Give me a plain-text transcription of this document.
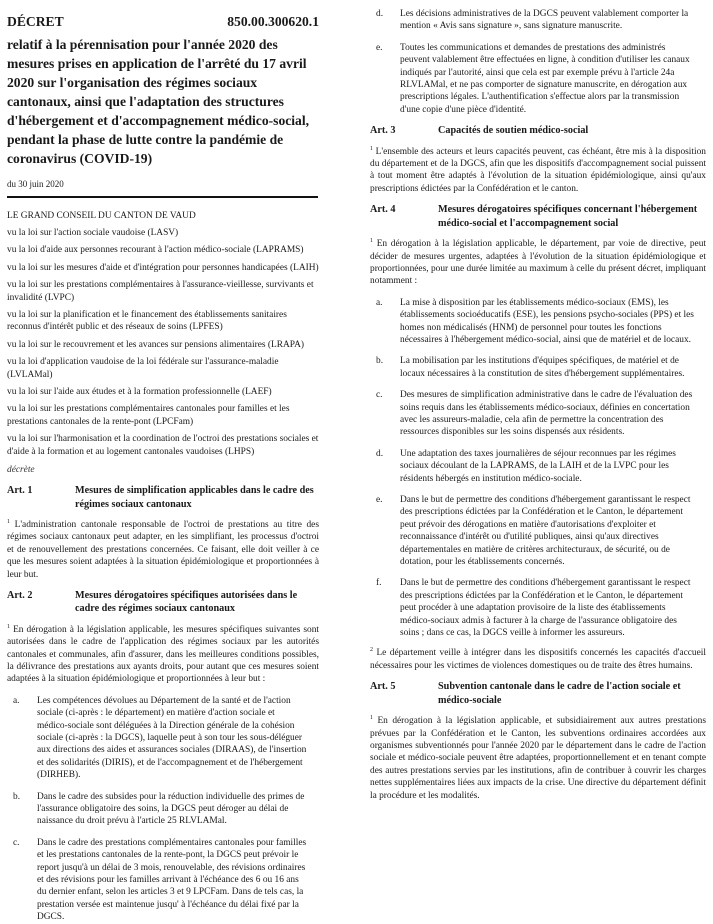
DÉCRET	850.00.300620.1
relatif à la pérennisation pour l'année 2020 des mesures prises en application de l'arrêté du 17 avril 2020 sur l'organisation des régimes sociaux cantonaux, ainsi que l'adaptation des structures d'hébergement et d'accompagnement médico-social, pendant la phase de lutte contre la pandémie de coronavirus (COVID-19)
du 30 juin 2020
LE GRAND CONSEIL DU CANTON DE VAUD
vu la loi sur l'action sociale vaudoise (LASV)
vu la loi d'aide aux personnes recourant à l'action médico-sociale (LAPRAMS)
vu la loi sur les mesures d'aide et d'intégration pour personnes handicapées (LAIH)
vu la loi sur les prestations complémentaires à l'assurance-vieillesse, survivants et invalidité (LVPC)
vu la loi sur la planification et le financement des établissements sanitaires reconnus d'intérêt public et des réseaux de soins (LPFES)
vu la loi sur le recouvrement et les avances sur pensions alimentaires (LRAPA)
vu la loi d'application vaudoise de la loi fédérale sur l'assurance-maladie (LVLAMal)
vu la loi sur l'aide aux études et à la formation professionnelle (LAEF)
vu la loi sur les prestations complémentaires cantonales pour familles et les prestations cantonales de la rente-pont (LPCFam)
vu la loi sur l'harmonisation et la coordination de l'octroi des prestations sociales et d'aide à la formation et au logement cantonales vaudoises (LHPS)
décrète
Art. 1	Mesures de simplification applicables dans le cadre des régimes sociaux cantonaux
$^1$ L'administration cantonale responsable de l'octroi de prestations au titre des régimes sociaux cantonaux peut adapter, en les simplifiant, les processus d'octroi et de renouvellement des prestations concernées. Ce faisant, elle doit veiller à ce que les mesures soient adaptées à la situation épidémiologique et proportionnées à leur but.
Art. 2	Mesures dérogatoires spécifiques autorisées dans le cadre des régimes sociaux cantonaux
$^1$ En dérogation à la législation applicable, les mesures spécifiques suivantes sont autorisées dans le cadre de l'application des régimes sociaux par les autorités cantonales et communales, afin d'assurer, dans les meilleures conditions possibles, la délivrance des prestations aux ayants droits, pour autant que ces mesures soient adaptées à la situation épidémiologique et proportionnées à leur but :
a.	Les compétences dévolues au Département de la santé et de l'action sociale (ci-après : le département) en matière d'action sociale et médico-sociale sont déléguées à la Direction générale de la cohésion sociale (ci-après : la DGCS), laquelle peut à son tour les sous-déléguer aux directions des aides et assurances sociales (DIRAAS), de l'insertion et des solidarités (DIRIS), et de l'accompagnement et de l'hébergement (DIRHEB).
b.	Dans le cadre des subsides pour la réduction individuelle des primes de l'assurance obligatoire des soins, la DGCS peut déroger au délai de naissance du droit prévu à l'article 25 RLVLAMal.
c.	Dans le cadre des prestations complémentaires cantonales pour familles et les prestations cantonales de la rente-pont, la DGCS peut prévoir le report jusqu'à un délai de 3 mois, renouvelable, des révisions ordinaires et des révisions pour les familles arrivant à l'échéance des 6 ou 16 ans du dernier enfant, selon les articles 3 et 9 LPCFam. Dans de tels cas, la prestation versée est maintenue jusqu' à l'échéance du délai fixé par la DGCS.
d.	Les décisions administratives de la DGCS peuvent valablement comporter la mention « Avis sans signature », sans signature manuscrite.
e.	Toutes les communications et demandes de prestations des administrés peuvent valablement être effectuées en ligne, à condition d'utiliser les canaux indiqués par l'autorité, ainsi que cela est par exemple prévu à l'article 24a RLVLAMal, et ne pas comporter de signature manuscrite, en dérogation aux prescriptions légales. L'authentification s'effectue alors par la transmission d'une copie d'une pièce d'identité.
Art. 3	Capacités de soutien médico-social
$^1$ L'ensemble des acteurs et leurs capacités peuvent, cas échéant, être mis à la disposition du département et de la DGCS, afin que les dispositifs d'accompagnement social puissent à tout moment être adaptés à l'évolution de la situation épidémiologique, ainsi qu'aux prescriptions édictées par la Confédération et le canton.
Art. 4	Mesures dérogatoires spécifiques concernant l'hébergement médico-social et l'accompagnement social
$^1$ En dérogation à la législation applicable, le département, par voie de directive, peut décider de mesures urgentes, adaptées à l'évolution de la situation épidémiologique et proportionnées, pour une durée limitée au maximum à celle du présent décret, impliquant notamment :
a.	La mise à disposition par les établissements médico-sociaux (EMS), les établissements socioéducatifs (ESE), les pensions psycho-sociales (PPS) et les homes non médicalisés (HNM) de personnel pour toutes les fonctions nécessaires à l'hébergement médico-social, ainsi que de matériel et de locaux.
b.	La mobilisation par les institutions d'équipes spécifiques, de matériel et de locaux nécessaires à la constitution de sites d'hébergement supplémentaires.
c.	Des mesures de simplification administrative dans le cadre de l'évaluation des soins requis dans les établissements médico-sociaux, définies en concertation avec les assureurs-maladie, cela afin de permettre la concentration des ressources disponibles sur les soins dispensés aux résidents.
d.	Une adaptation des taxes journalières de séjour reconnues par les régimes sociaux découlant de la LAPRAMS, de la LAIH et de la LVPC pour les résidents hébergés en institution médico-sociale.
e.	Dans le but de permettre des conditions d'hébergement garantissant le respect des prescriptions édictées par la Confédération et le Canton, le département peut prévoir des dérogations en matière d'autorisations d'exploiter et reconnaissance d'intérêt ou d'utilité publiques, ainsi qu'aux directives départementales en matière de critères architecturaux, de sécurité, ou de dotation, pour les établissements concernés.
f.	Dans le but de permettre des conditions d'hébergement garantissant le respect des prescriptions édictées par la Confédération et le Canton, le département peut procéder à une adaptation provisoire de la liste des établissements médico-sociaux admis à facturer à la charge de l'assurance obligatoire des soins ; dans ce cas, la DGCS veille à informer les assureurs.
$^2$ Le département veille à intégrer dans les dispositifs concernés les capacités d'accueil nécessaires pour les victimes de violences domestiques ou de traite des êtres humains.
Art. 5	Subvention cantonale dans le cadre de l'action sociale et médico-sociale
$^1$ En dérogation à la législation applicable, et subsidiairement aux autres prestations prévues par la Confédération et le Canton, les subventions ordinaires accordées aux organismes subventionnés pour l'année 2020 par le département dans le cadre de l'action sociale et médico-sociale peuvent être adaptées, proportionnellement et en tenant compte des autres prestations servies par les institutions, afin de contribuer à couvrir les charges nettes supplémentaires liées aux impacts de la crise. Une directive du département définit la procédure et les modalités.
